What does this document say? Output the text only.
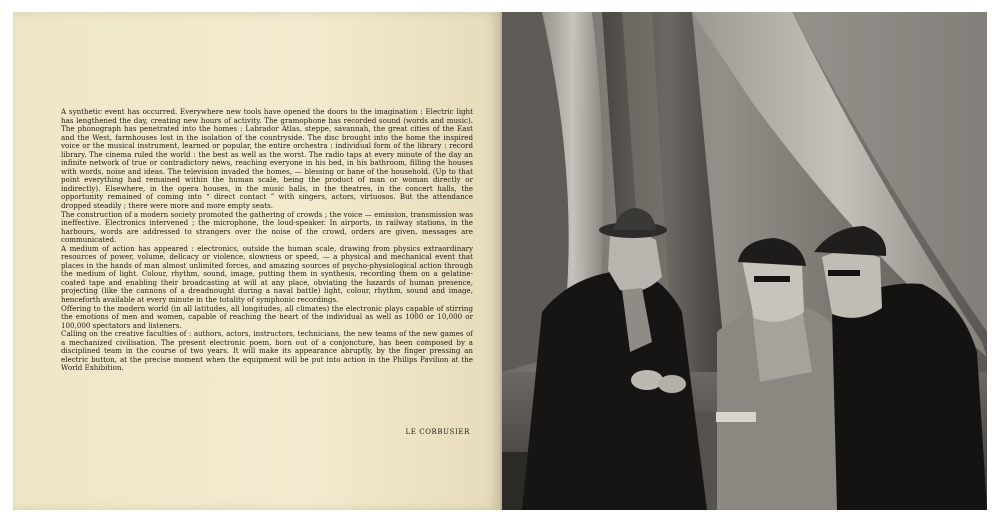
A synthetic event has occurred. Everywhere new tools have opened the doors to the imagination : Electric light has lengthened the day, creating new hours of activity. The gramophone has recorded sound (words and music). The phonograph has penetrated into the homes : Labrador Atlas, steppe, savannah, the great cities of the East and the West, farmhouses lost in the isolation of the countryside. The disc brought into the home the inspired voice or the musical instrument, learned or popular, the entire orchestra : individual form of the library : record library. The cinema ruled the world : the best as well as the worst. The radio taps at every minute of the day an infinite network of true or contradictory news, reaching everyone in his bed, in his bathroom, filling the houses with words, noise and ideas. The television invaded the homes, — blessing or bane of the household. (Up to that point everything had remained within the human scale, being the product of man or woman directly or indirectly). Elsewhere, in the opera houses, in the music halls, in the theatres, in the concert halls, the opportunity remained of coming into “ direct contact ” with singers, actors, virtuosos. But the attendance dropped steadily ; there were more and more empty seats.

The construction of a modern society promoted the gathering of crowds ; the voice — emission, transmission was ineffective. Electronics intervened ; the microphone, the loud-speaker. In airports, in railway stations, in the harbours, words are addressed to strangers over the noise of the crowd, orders are given, messages are communicated.

A medium of action has appeared : electronics, outside the human scale, drawing from physics extraordinary resources of power, volume, delicacy or violence, slowness or speed, — a physical and mechanical event that places in the hands of man almost unlimited forces, and amazing sources of psycho-physiological action through the medium of light. Colour, rhythm, sound, image, putting them in synthesis, recording them on a gelatine-coated tape and enabling their broadcasting at will at any place, obviating the hazards of human presence, projecting (like the cannons of a dreadnought during a naval battle) light, colour, rhythm, sound and image, henceforth available at every minute in the totality of symphonic recordings.

Offering to the modern world (in all latitudes, all longitudes, all climates) the electronic plays capable of stirring the emotions of men and women, capable of reaching the heart of the individual as well as 1000 or 10,000 or 100,000 spectators and listeners.

Calling on the creative faculties of : authors, actors, instructors, technicians, the new teams of the new games of a mechanized civilisation. The present electronic poem, born out of a conjoncture, has been composed by a disciplined team in the course of two years. It will make its appearance abruptly, by the finger pressing an electric button, at the precise moment when the equipment will be put into action in the Philips Pavilion at the World Exhibition.

LE CORBUSIER
